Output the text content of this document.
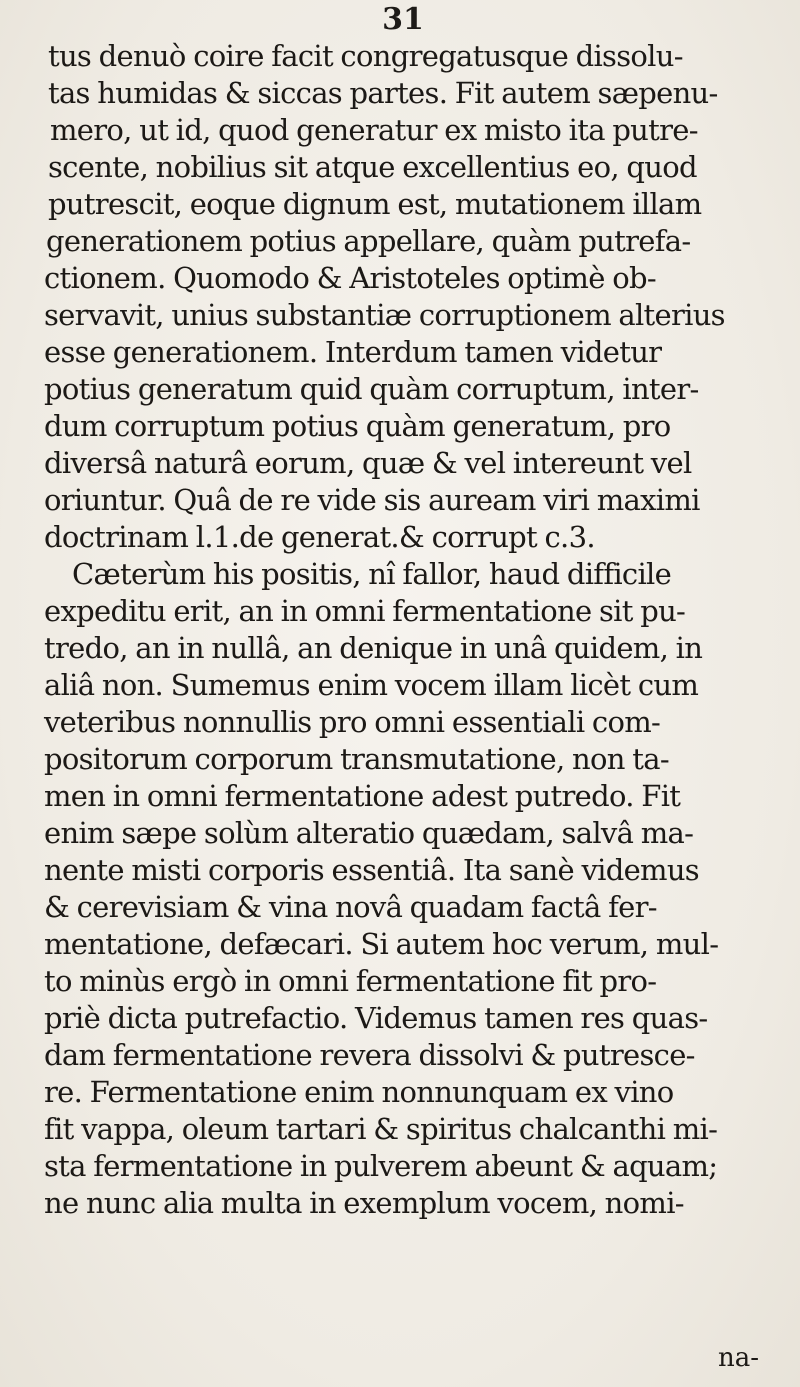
31
tus denuò coire facit congregatusque dissolu-
tas humidas & siccas partes. Fit autem sæpenu-
mero, ut id, quod generatur ex misto ita putre-
scente, nobilius sit atque excellentius eo, quod
putrescit, eoque dignum est, mutationem illam
generationem potius appellare, quàm putrefa-
ctionem. Quomodo & Aristoteles optimè ob-
servavit, unius substantiæ corruptionem alterius
esse generationem. Interdum tamen videtur
potius generatum quid quàm corruptum, inter-
dum corruptum potius quàm generatum, pro
diversâ naturâ eorum, quæ & vel intereunt vel
oriuntur. Quâ de re vide sis auream viri maximi
doctrinam l.1.de generat.& corrupt c.3.
Cæterùm his positis, nî fallor, haud difficile
expeditu erit, an in omni fermentatione sit pu-
tredo, an in nullâ, an denique in unâ quidem, in
aliâ non. Sumemus enim vocem illam licèt cum
veteribus nonnullis pro omni essentiali com-
positorum corporum transmutatione, non ta-
men in omni fermentatione adest putredo. Fit
enim sæpe solùm alteratio quædam, salvâ ma-
nente misti corporis essentiâ. Ita sanè videmus
& cerevisiam & vina novâ quadam factâ fer-
mentatione, defæcari. Si autem hoc verum, mul-
to minùs ergò in omni fermentatione fit pro-
priè dicta putrefactio. Videmus tamen res quas-
dam fermentatione revera dissolvi & putresce-
re. Fermentatione enim nonnunquam ex vino
fit vappa, oleum tartari & spiritus chalcanthi mi-
sta fermentatione in pulverem abeunt & aquam;
ne nunc alia multa in exemplum vocem, nomi-
na-
